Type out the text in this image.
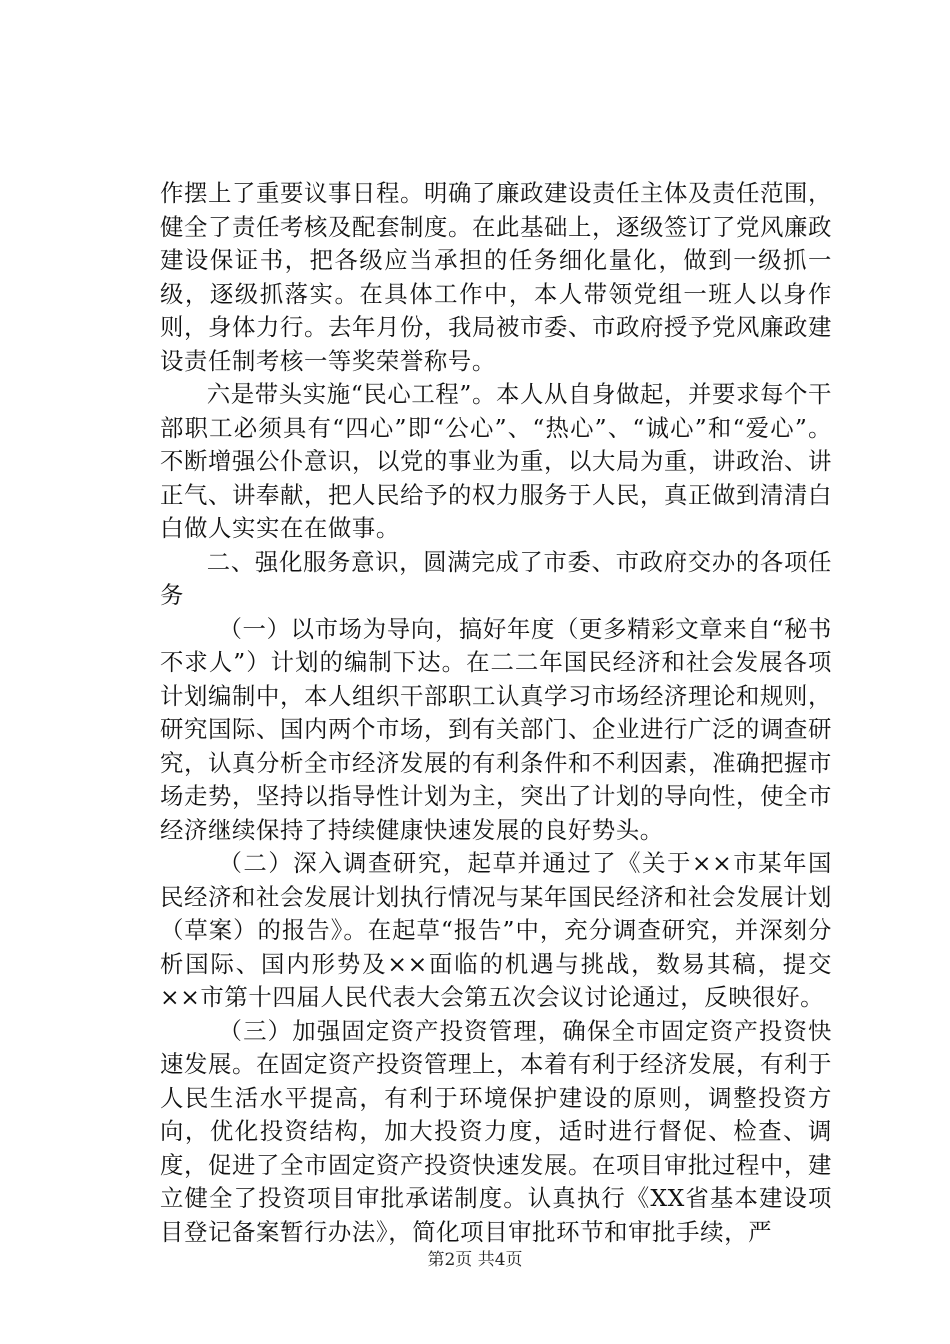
作摆上了重要议事日程。明确了廉政建设责任主体及责任范围，健全了责任考核及配套制度。在此基础上，逐级签订了党风廉政建设保证书，把各级应当承担的任务细化量化，做到一级抓一级，逐级抓落实。在具体工作中，本人带领党组一班人以身作则，身体力行。去年月份，我局被市委、市政府授予党风廉政建设责任制考核一等奖荣誉称号。

六是带头实施“民心工程”。本人从自身做起，并要求每个干部职工必须具有“四心”即“公心”、“热心”、“诚心”和“爱心”。不断增强公仆意识，以党的事业为重，以大局为重，讲政治、讲正气、讲奉献，把人民给予的权力服务于人民，真正做到清清白白做人实实在在做事。

二、强化服务意识，圆满完成了市委、市政府交办的各项任务

（一）以市场为导向，搞好年度（更多精彩文章来自“秘书不求人”）计划的编制下达。在二二年国民经济和社会发展各项计划编制中，本人组织干部职工认真学习市场经济理论和规则，研究国际、国内两个市场，到有关部门、企业进行广泛的调查研究，认真分析全市经济发展的有利条件和不利因素，准确把握市场走势，坚持以指导性计划为主，突出了计划的导向性，使全市经济继续保持了持续健康快速发展的良好势头。

（二）深入调查研究，起草并通过了《关于××市某年国民经济和社会发展计划执行情况与某年国民经济和社会发展计划（草案）的报告》。在起草“报告”中，充分调查研究，并深刻分析国际、国内形势及××面临的机遇与挑战，数易其稿，提交××市第十四届人民代表大会第五次会议讨论通过，反映很好。

（三）加强固定资产投资管理，确保全市固定资产投资快速发展。在固定资产投资管理上，本着有利于经济发展，有利于人民生活水平提高，有利于环境保护建设的原则，调整投资方向，优化投资结构，加大投资力度，适时进行督促、检查、调度，促进了全市固定资产投资快速发展。在项目审批过程中，建立健全了投资项目审批承诺制度。认真执行《XX省基本建设项目登记备案暂行办法》，简化项目审批环节和审批手续，严

第2页 共4页
